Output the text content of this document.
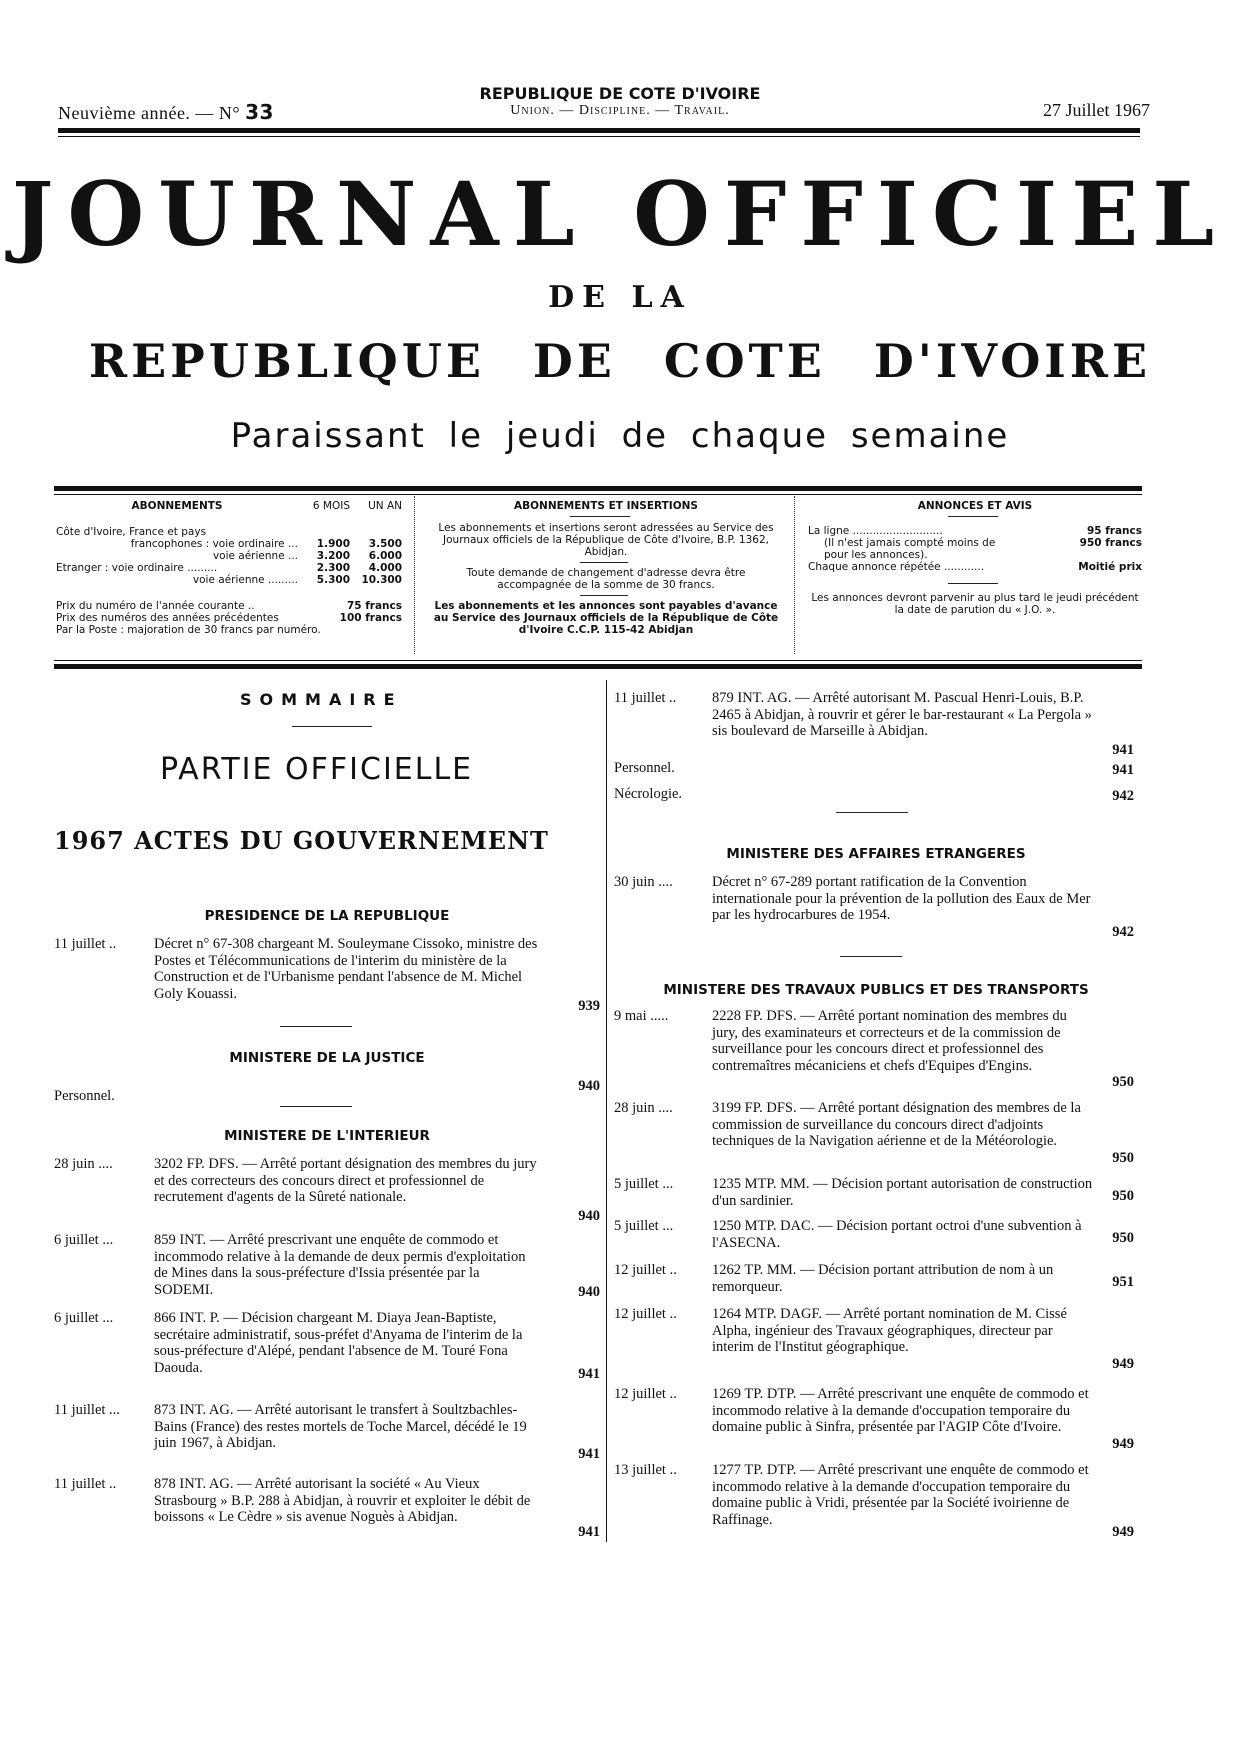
Neuvième année. — N° 33
REPUBLIQUE DE COTE D'IVOIRE
Union. — Discipline. — Travail.	27 Juillet 1967
JOURNAL OFFICIEL
DE LA
REPUBLIQUE DE COTE D'IVOIRE
Paraissant le jeudi de chaque semaine
ABONNEMENTS	6 MOIS	UN AN
Côte d'Ivoire, France et pays
francophones : voie ordinaire ...	1.900	3.500
voie aérienne ...	3.200	6.000
Etranger : voie ordinaire .........	2.300	4.000
voie aérienne .........	5.300	10.300
Prix du numéro de l'année courante ..	75 francs
Prix des numéros des années précédentes	100 francs
Par la Poste : majoration de 30 francs par numéro.
ABONNEMENTS ET INSERTIONS
Les abonnements et insertions seront adressées au Service des Journaux officiels de la République de Côte d'Ivoire, B.P. 1362, Abidjan.
Toute demande de changement d'adresse devra être accompagnée de la somme de 30 francs.
Les abonnements et les annonces sont payables d'avance au Service des Journaux officiels de la République de Côte d'Ivoire C.C.P. 115-42 Abidjan
ANNONCES ET AVIS
La ligne ...........................	95 francs
(Il n'est jamais compté moins de	950 francs
pour les annonces).
Chaque annonce répétée ............	Moitié prix
Les annonces devront parvenir au plus tard le jeudi précédent la date de parution du « J.O. ».
SOMMAIRE
PARTIE OFFICIELLE
1967 ACTES DU GOUVERNEMENT
PRESIDENCE DE LA REPUBLIQUE
11 juillet ..	Décret n° 67-308 chargeant M. Souleymane Cissoko, ministre des Postes et Télécommunications de l'interim du ministère de la Construction et de l'Urbanisme pendant l'absence de M. Michel Goly Kouassi.
939
MINISTERE DE LA JUSTICE
Personnel.
940
MINISTERE DE L'INTERIEUR
28 juin ....	3202 FP. DFS. — Arrêté portant désignation des membres du jury et des correcteurs des concours direct et professionnel de recrutement d'agents de la Sûreté nationale.
940
6 juillet ...	859 INT. — Arrêté prescrivant une enquête de commodo et incommodo relative à la demande de deux permis d'exploitation de Mines dans la sous-préfecture d'Issia présentée par la SODEMI.	940
6 juillet ...	866 INT. P. — Décision chargeant M. Diaya Jean-Baptiste, secrétaire administratif, sous-préfet d'Anyama de l'interim de la sous-préfecture d'Alépé, pendant l'absence de M. Touré Fona Daouda.	941
11 juillet ... 873 INT. AG. — Arrêté autorisant le transfert à Soultzbachles-Bains (France) des restes mortels de Toche Marcel, décédé le 19 juin 1967, à Abidjan.
941
11 juillet ..	878 INT. AG. — Arrêté autorisant la société « Au Vieux Strasbourg » B.P. 288 à Abidjan, à rouvrir et exploiter le débit de boissons « Le Cèdre » sis avenue Noguès à Abidjan.
941
11 juillet .. 879 INT. AG. — Arrêté autorisant M. Pascual Henri-Louis, B.P. 2465 à Abidjan, à rouvrir et gérer le bar-restaurant « La Pergola » sis boulevard de Marseille à Abidjan.
941
Personnel.	941
Nécrologie.	942
MINISTERE DES AFFAIRES ETRANGERES
30 juin ....	Décret n° 67-289 portant ratification de la Convention internationale pour la prévention de la pollution des Eaux de Mer par les hydrocarbures de 1954.
942
MINISTERE DES TRAVAUX PUBLICS ET DES TRANSPORTS
9 mai .....	2228 FP. DFS. — Arrêté portant nomination des membres du jury, des examinateurs et correcteurs et de la commission de surveillance pour les concours direct et professionnel des contremaîtres mécaniciens et chefs d'Equipes d'Engins.
950
28 juin ....	3199 FP. DFS. — Arrêté portant désignation des membres de la commission de surveillance du concours direct d'adjoints techniques de la Navigation aérienne et de la Météorologie.
950
5 juillet ...	1235 MTP. MM. — Décision portant autorisation de construction d'un sardinier.	950
5 juillet ...	1250 MTP. DAC. — Décision portant octroi d'une subvention à l'ASECNA.	950
12 juillet .. 1262 TP. MM. — Décision portant attribution de nom à un remorqueur.	951
12 juillet .. 1264 MTP. DAGF. — Arrêté portant nomination de M. Cissé Alpha, ingénieur des Travaux géographiques, directeur par interim de l'Institut géographique.
949
12 juillet .. 1269 TP. DTP. — Arrêté prescrivant une enquête de commodo et incommodo relative à la demande d'occupation temporaire du domaine public à Sinfra, présentée par l'AGIP Côte d'Ivoire.
949
13 juillet .. 1277 TP. DTP. — Arrêté prescrivant une enquête de commodo et incommodo relative à la demande d'occupation temporaire du domaine public à Vridi, présentée par la Société ivoirienne de Raffinage.
949
